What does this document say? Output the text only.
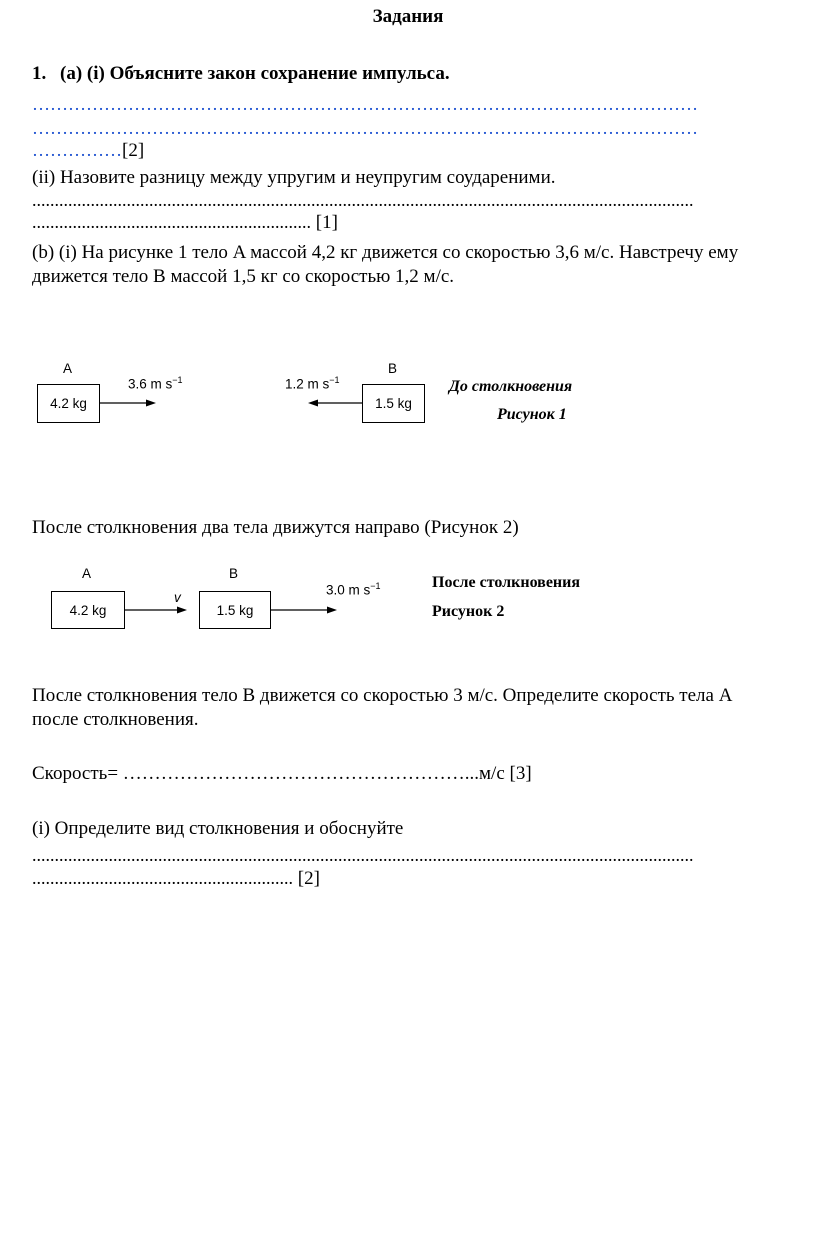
Задания
1. (a) (i) Объясните закон сохранение импульса.
…………………………………………………………………………………………………
…………………………………………………………………………………………………
……………[2]
(ii) Назовите разницу между упругим и неупругим соудареними.
...................................................................................................................................................
.............................................................. [1]
(b) (i) На рисунке 1 тело A массой 4,2 кг движется со скоростью 3,6 м/с. Навстречу ему
движется тело B массой 1,5 кг со скоростью 1,2 м/с.
A
4.2 kg
3.6 m $s^{-1}$	1.2 m $s^{-1}$
B
1.5 kg
До столкновения
Рисунок 1
После столкновения два тела движутся направо (Рисунок 2)
A
4.2 kg
v
B
1.5 kg
3.0 m $s^{-1}$	После столкновения
Рисунок 2
После столкновения тело B движется со скоростью 3 м/с. Определите скорость тела A
после столкновения.
Скорость= ………………………………………………...м/с [3]
(i) Определите вид столкновения и обоснуйте
...................................................................................................................................................
.......................................................... [2]
